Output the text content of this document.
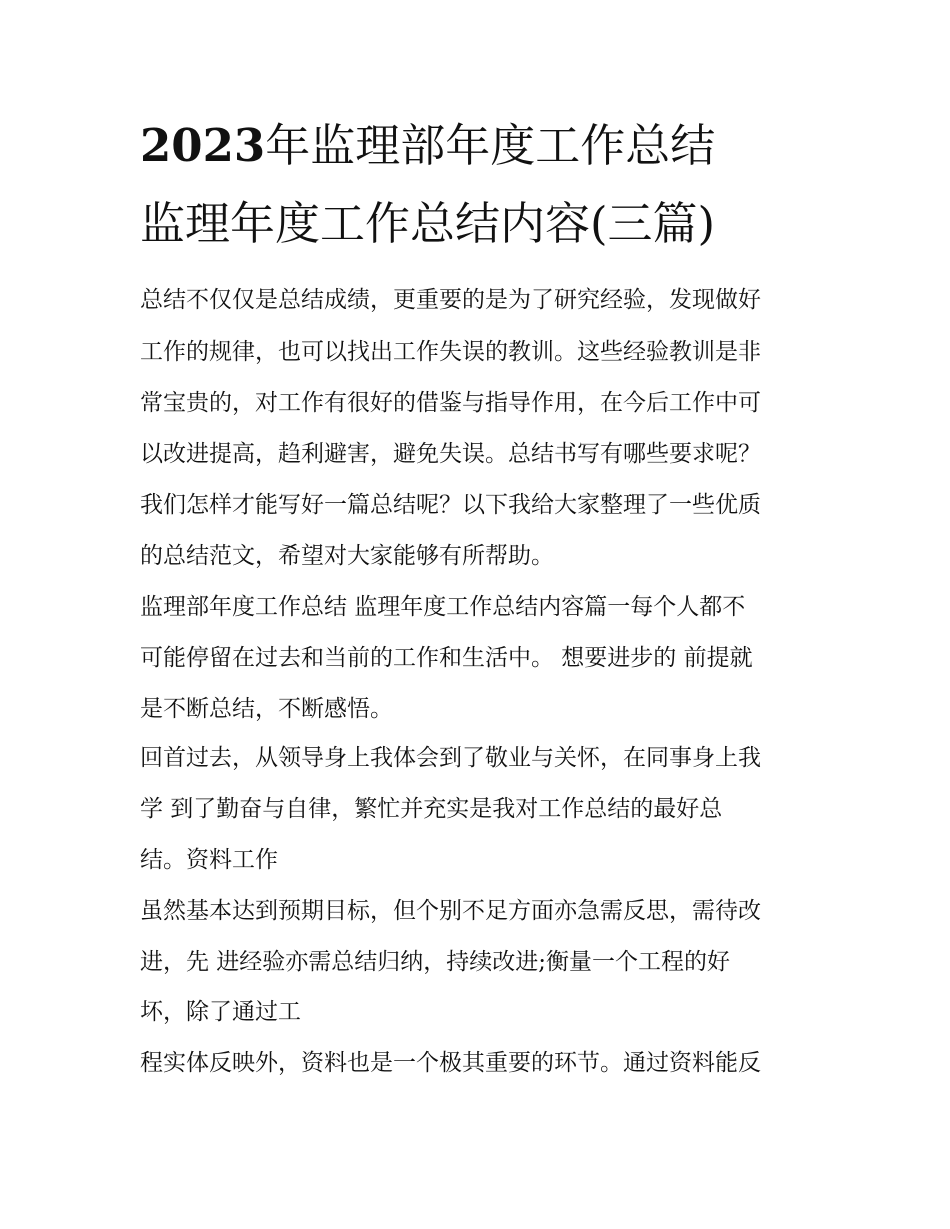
2023年监理部年度工作总结
监理年度工作总结内容(三篇)

总结不仅仅是总结成绩，更重要的是为了研究经验，发现做好

工作的规律，也可以找出工作失误的教训。这些经验教训是非

常宝贵的，对工作有很好的借鉴与指导作用，在今后工作中可

以改进提高，趋利避害，避免失误。总结书写有哪些要求呢？

我们怎样才能写好一篇总结呢？以下我给大家整理了一些优质

的总结范文，希望对大家能够有所帮助。

监理部年度工作总结 监理年度工作总结内容篇一每个人都不

可能停留在过去和当前的工作和生活中。 想要进步的 前提就

是不断总结，不断感悟。

回首过去，从领导身上我体会到了敬业与关怀，在同事身上我

学 到了勤奋与自律，繁忙并充实是我对工作总结的最好总

结。资料工作

虽然基本达到预期目标，但个别不足方面亦急需反思，需待改

进，先 进经验亦需总结归纳，持续改进;衡量一个工程的好

坏，除了通过工

程实体反映外，资料也是一个极其重要的环节。通过资料能反
